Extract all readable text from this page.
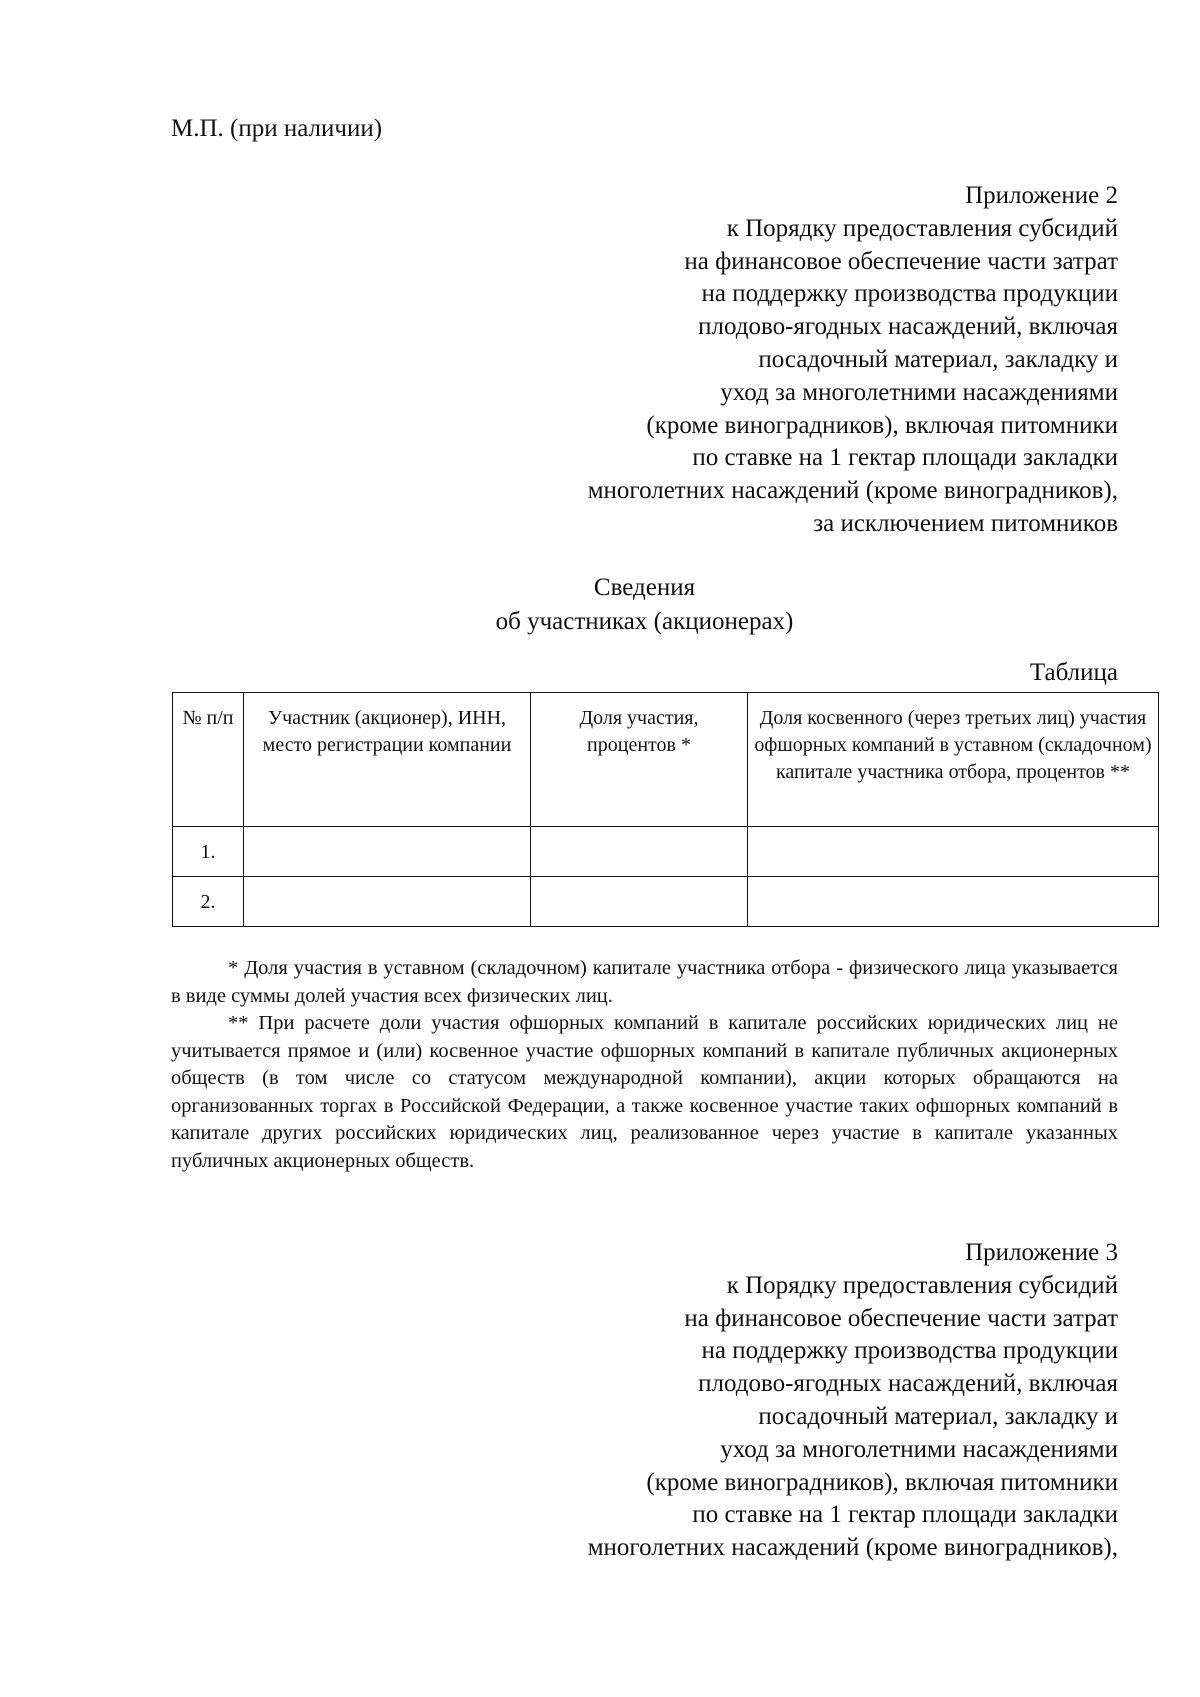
М.П. (при наличии)
Приложение 2
к Порядку предоставления субсидий
на финансовое обеспечение части затрат
на поддержку производства продукции
плодово-ягодных насаждений, включая
посадочный материал, закладку и
уход за многолетними насаждениями
(кроме виноградников), включая питомники
по ставке на 1 гектар площади закладки
многолетних насаждений (кроме виноградников),
за исключением питомников
Сведения
об участниках (акционерах)
Таблица
№ п/п	Участник (акционер), ИНН, место регистрации компании	Доля участия, процентов *	Доля косвенного (через третьих лиц) участия офшорных компаний в уставном (складочном) капитале участника отбора, процентов **
1.			
2.			

* Доля участия в уставном (складочном) капитале участника отбора - физического лица указывается в виде суммы долей участия всех физических лиц.

** При расчете доли участия офшорных компаний в капитале российских юридических лиц не учитывается прямое и (или) косвенное участие офшорных компаний в капитале публичных акционерных обществ (в том числе со статусом международной компании), акции которых обращаются на организованных торгах в Российской Федерации, а также косвенное участие таких офшорных компаний в капитале других российских юридических лиц, реализованное через участие в капитале указанных публичных акционерных обществ.

Приложение 3
к Порядку предоставления субсидий
на финансовое обеспечение части затрат
на поддержку производства продукции
плодово-ягодных насаждений, включая
посадочный материал, закладку и
уход за многолетними насаждениями
(кроме виноградников), включая питомники
по ставке на 1 гектар площади закладки
многолетних насаждений (кроме виноградников),
